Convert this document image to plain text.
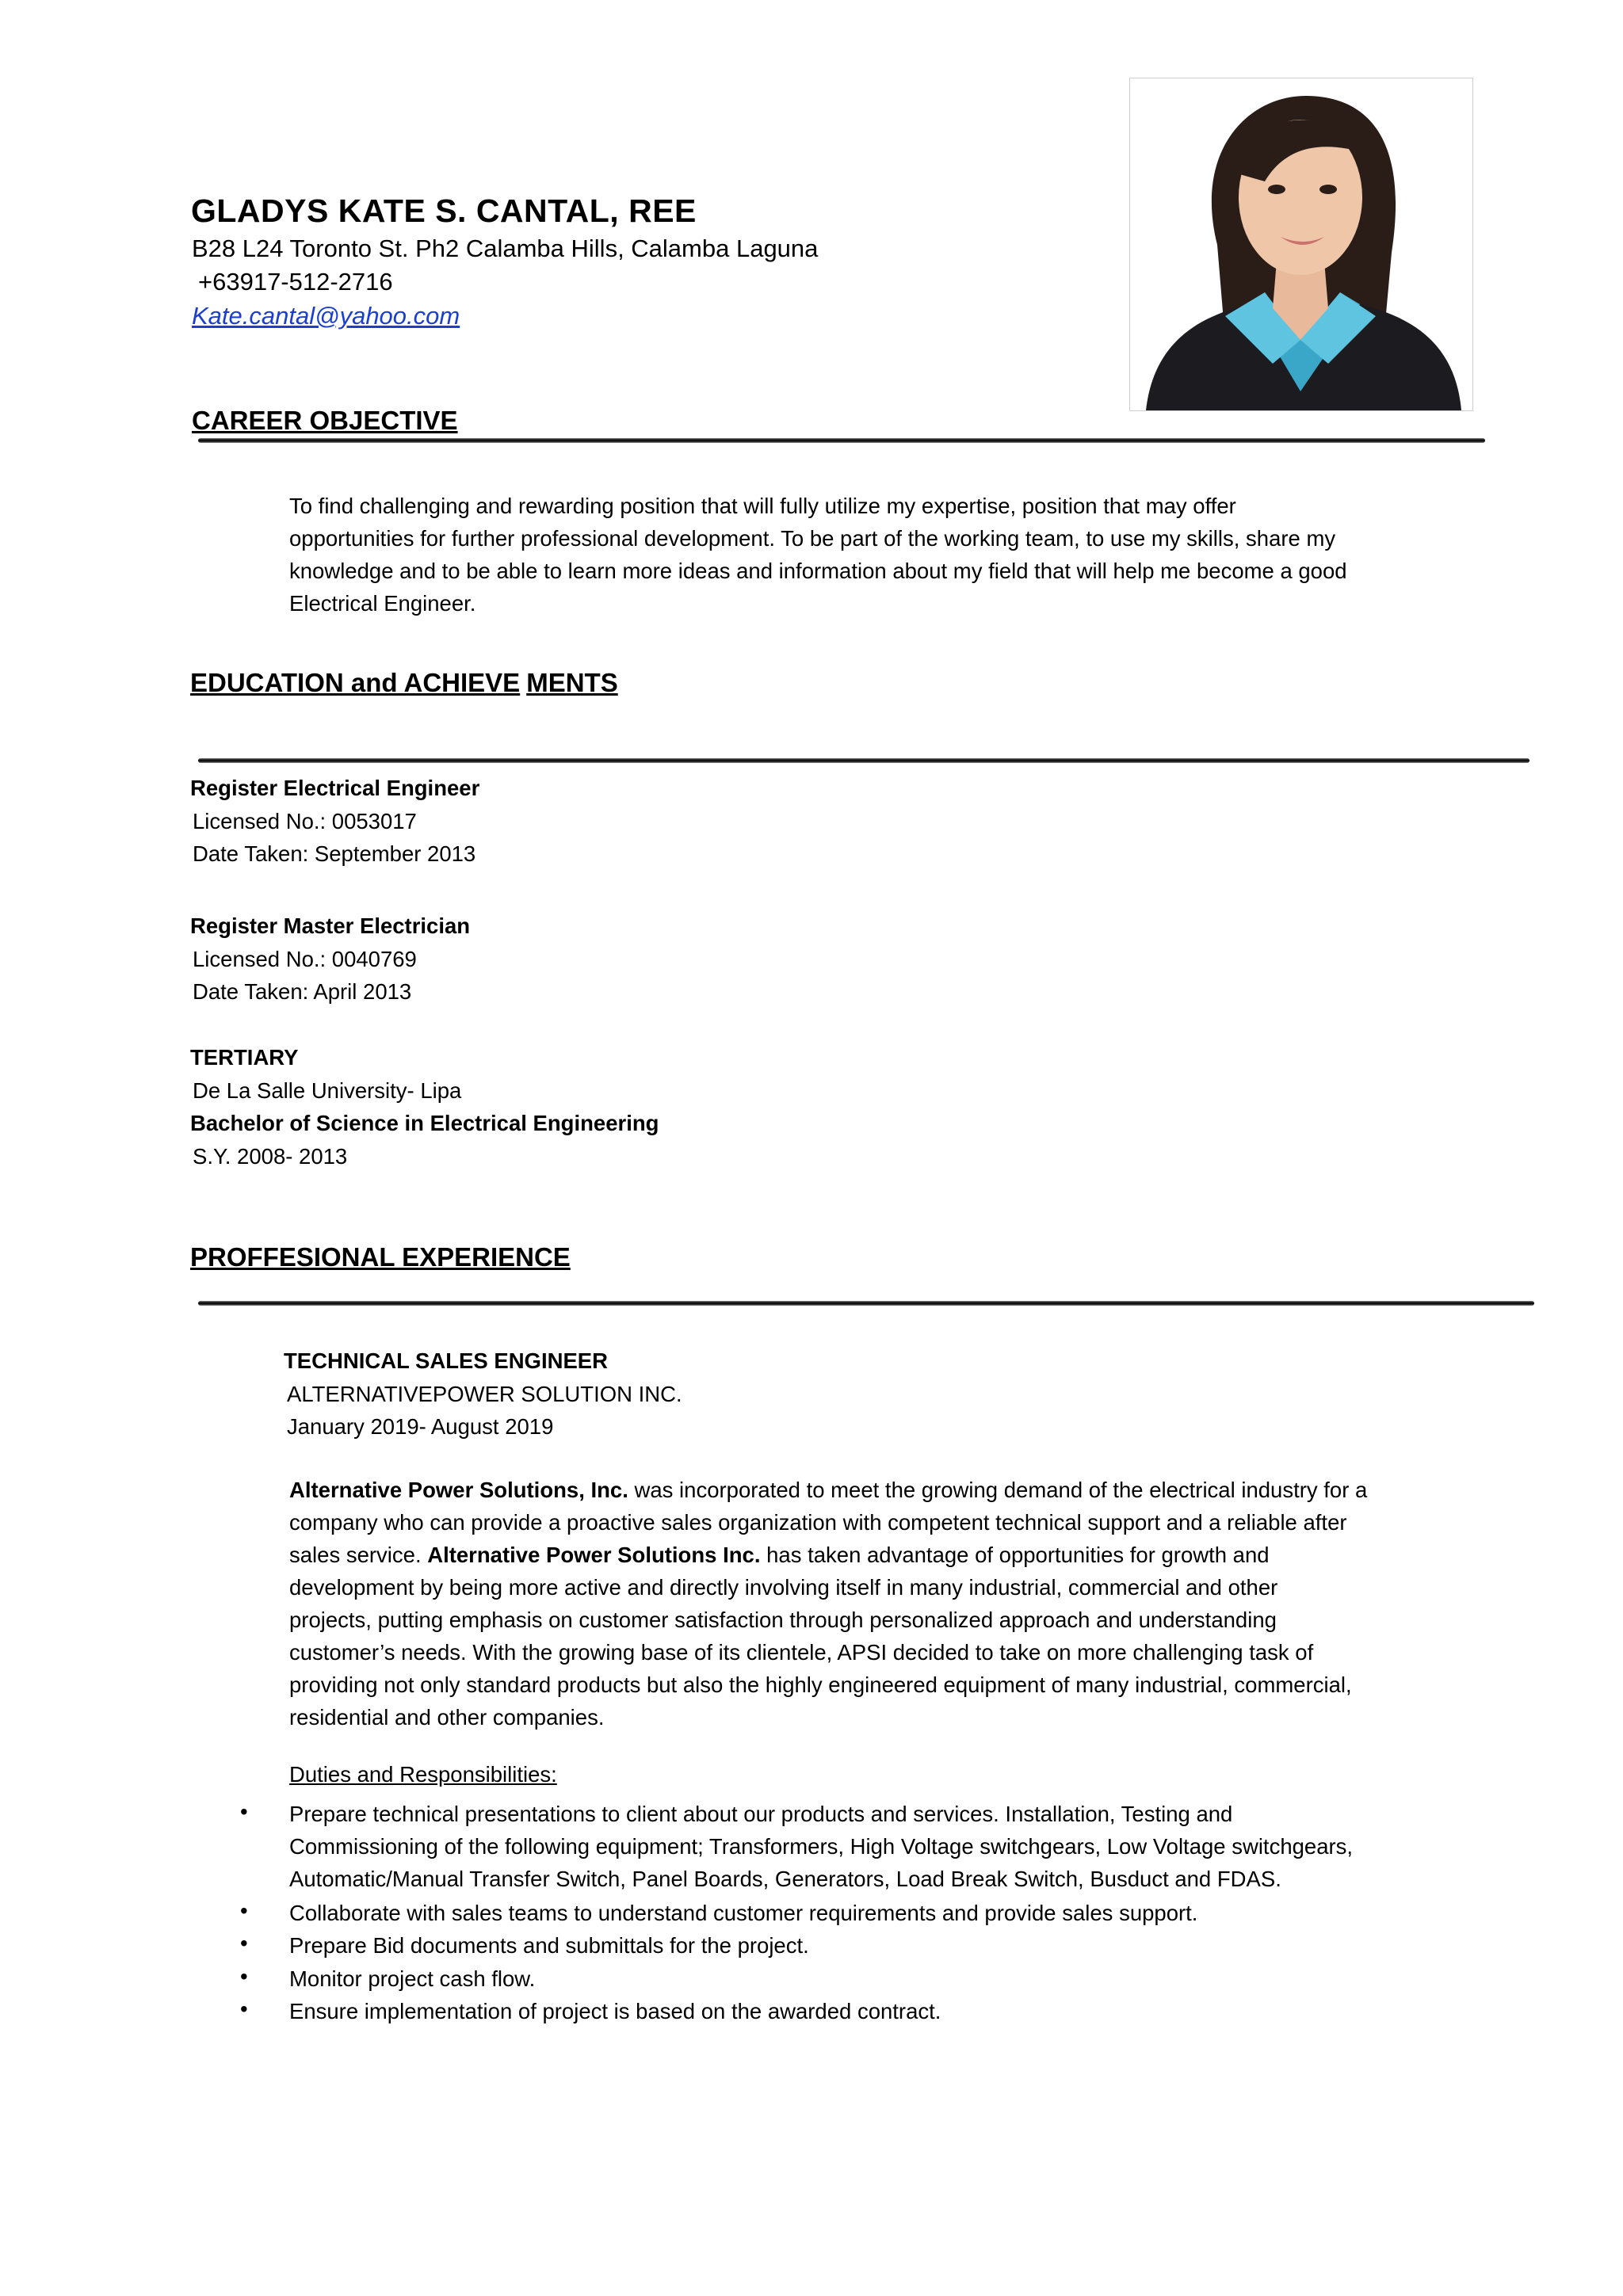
GLADYS KATE S. CANTAL, REE
B28 L24 Toronto St. Ph2 Calamba Hills, Calamba Laguna
+63917-512-2716
Kate.cantal@yahoo.com
CAREER OBJECTIVE
To find challenging and rewarding position that will fully utilize my expertise, position that may offer
opportunities for further professional development. To be part of the working team, to use my skills, share my
knowledge and to be able to learn more ideas and information about my field that will help me become a good
Electrical Engineer.
EDUCATION and ACHIEVE MENTS
Register Electrical Engineer
Licensed No.: 0053017
Date Taken: September 2013
Register Master Electrician
Licensed No.: 0040769
Date Taken: April 2013
TERTIARY
De La Salle University- Lipa
Bachelor of Science in Electrical Engineering
S.Y. 2008- 2013
PROFFESIONAL EXPERIENCE
TECHNICAL SALES ENGINEER
ALTERNATIVEPOWER SOLUTION INC.
January 2019- August 2019
Alternative Power Solutions, Inc. was incorporated to meet the growing demand of the electrical industry for a
company who can provide a proactive sales organization with competent technical support and a reliable after
sales service. Alternative Power Solutions Inc. has taken advantage of opportunities for growth and
development by being more active and directly involving itself in many industrial, commercial and other
projects, putting emphasis on customer satisfaction through personalized approach and understanding
customer’s needs. With the growing base of its clientele, APSI decided to take on more challenging task of
providing not only standard products but also the highly engineered equipment of many industrial, commercial,
residential and other companies.
Duties and Responsibilities:
• Prepare technical presentations to client about our products and services. Installation, Testing and
Commissioning of the following equipment; Transformers, High Voltage switchgears, Low Voltage switchgears,
Automatic/Manual Transfer Switch, Panel Boards, Generators, Load Break Switch, Busduct and FDAS.
• Collaborate with sales teams to understand customer requirements and provide sales support.
• Prepare Bid documents and submittals for the project.
• Monitor project cash flow.
• Ensure implementation of project is based on the awarded contract.
